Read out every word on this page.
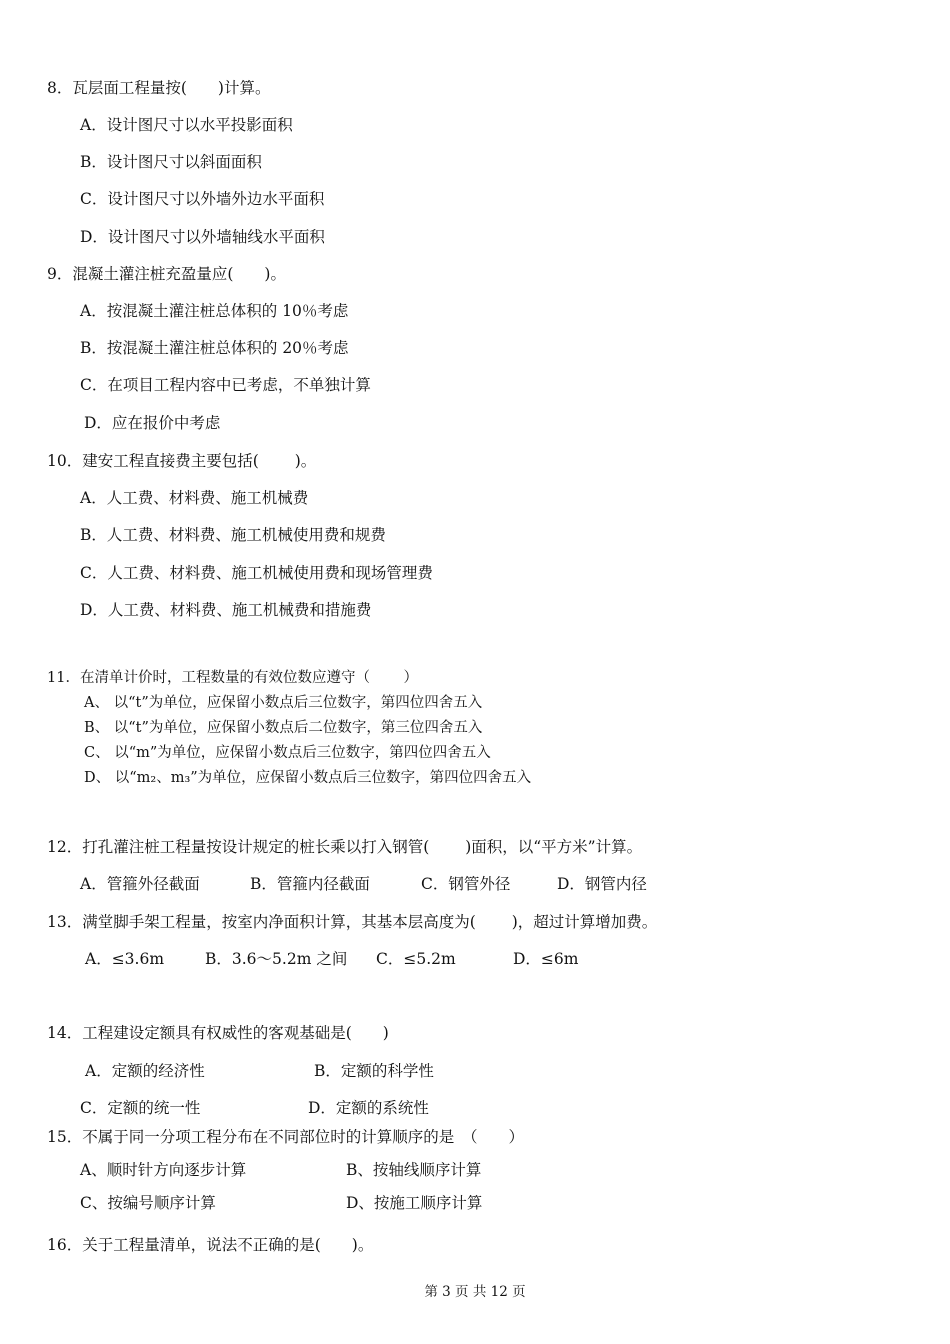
8．瓦层面工程量按(　　)计算。
A．设计图尺寸以水平投影面积
B．设计图尺寸以斜面面积
C．设计图尺寸以外墙外边水平面积
D．设计图尺寸以外墙轴线水平面积
9．混凝土灌注桩充盈量应(　　)。
A．按混凝土灌注桩总体积的 10％考虑
B．按混凝土灌注桩总体积的 20％考虑
C．在项目工程内容中已考虑，不单独计算
D．应在报价中考虑
10．建安工程直接费主要包括(　　 )。
A．人工费、材料费、施工机械费
B．人工费、材料费、施工机械使用费和规费
C．人工费、材料费、施工机械使用费和现场管理费
D．人工费、材料费、施工机械费和措施费
11．在清单计价时，工程数量的有效位数应遵守（　　 ）
A、 以“t”为单位，应保留小数点后三位数字，第四位四舍五入
B、 以“t”为单位，应保留小数点后二位数字，第三位四舍五入
C、 以“m”为单位，应保留小数点后三位数字，第四位四舍五入
D、 以“m₂、m₃”为单位，应保留小数点后三位数字，第四位四舍五入
12．打孔灌注桩工程量按设计规定的桩长乘以打入钢管(　　 )面积，以“平方米”计算。
A．管箍外径截面	B．管箍内径截面	C．钢管外径	D．钢管内径
13．满堂脚手架工程量，按室内净面积计算，其基本层高度为(　　 )，超过计算增加费。
A．≤3.6m	B．3.6～5.2m 之间 C．≤5.2m	D．≤6m
14．工程建设定额具有权威性的客观基础是(　　)
A．定额的经济性	B．定额的科学性
C．定额的统一性	D．定额的系统性
15．不属于同一分项工程分布在不同部位时的计算顺序的是　（　　）
A、顺时针方向逐步计算	B、按轴线顺序计算
C、按编号顺序计算	D、按施工顺序计算
16．关于工程量清单，说法不正确的是(　　)。
第 3 页 共 12 页
